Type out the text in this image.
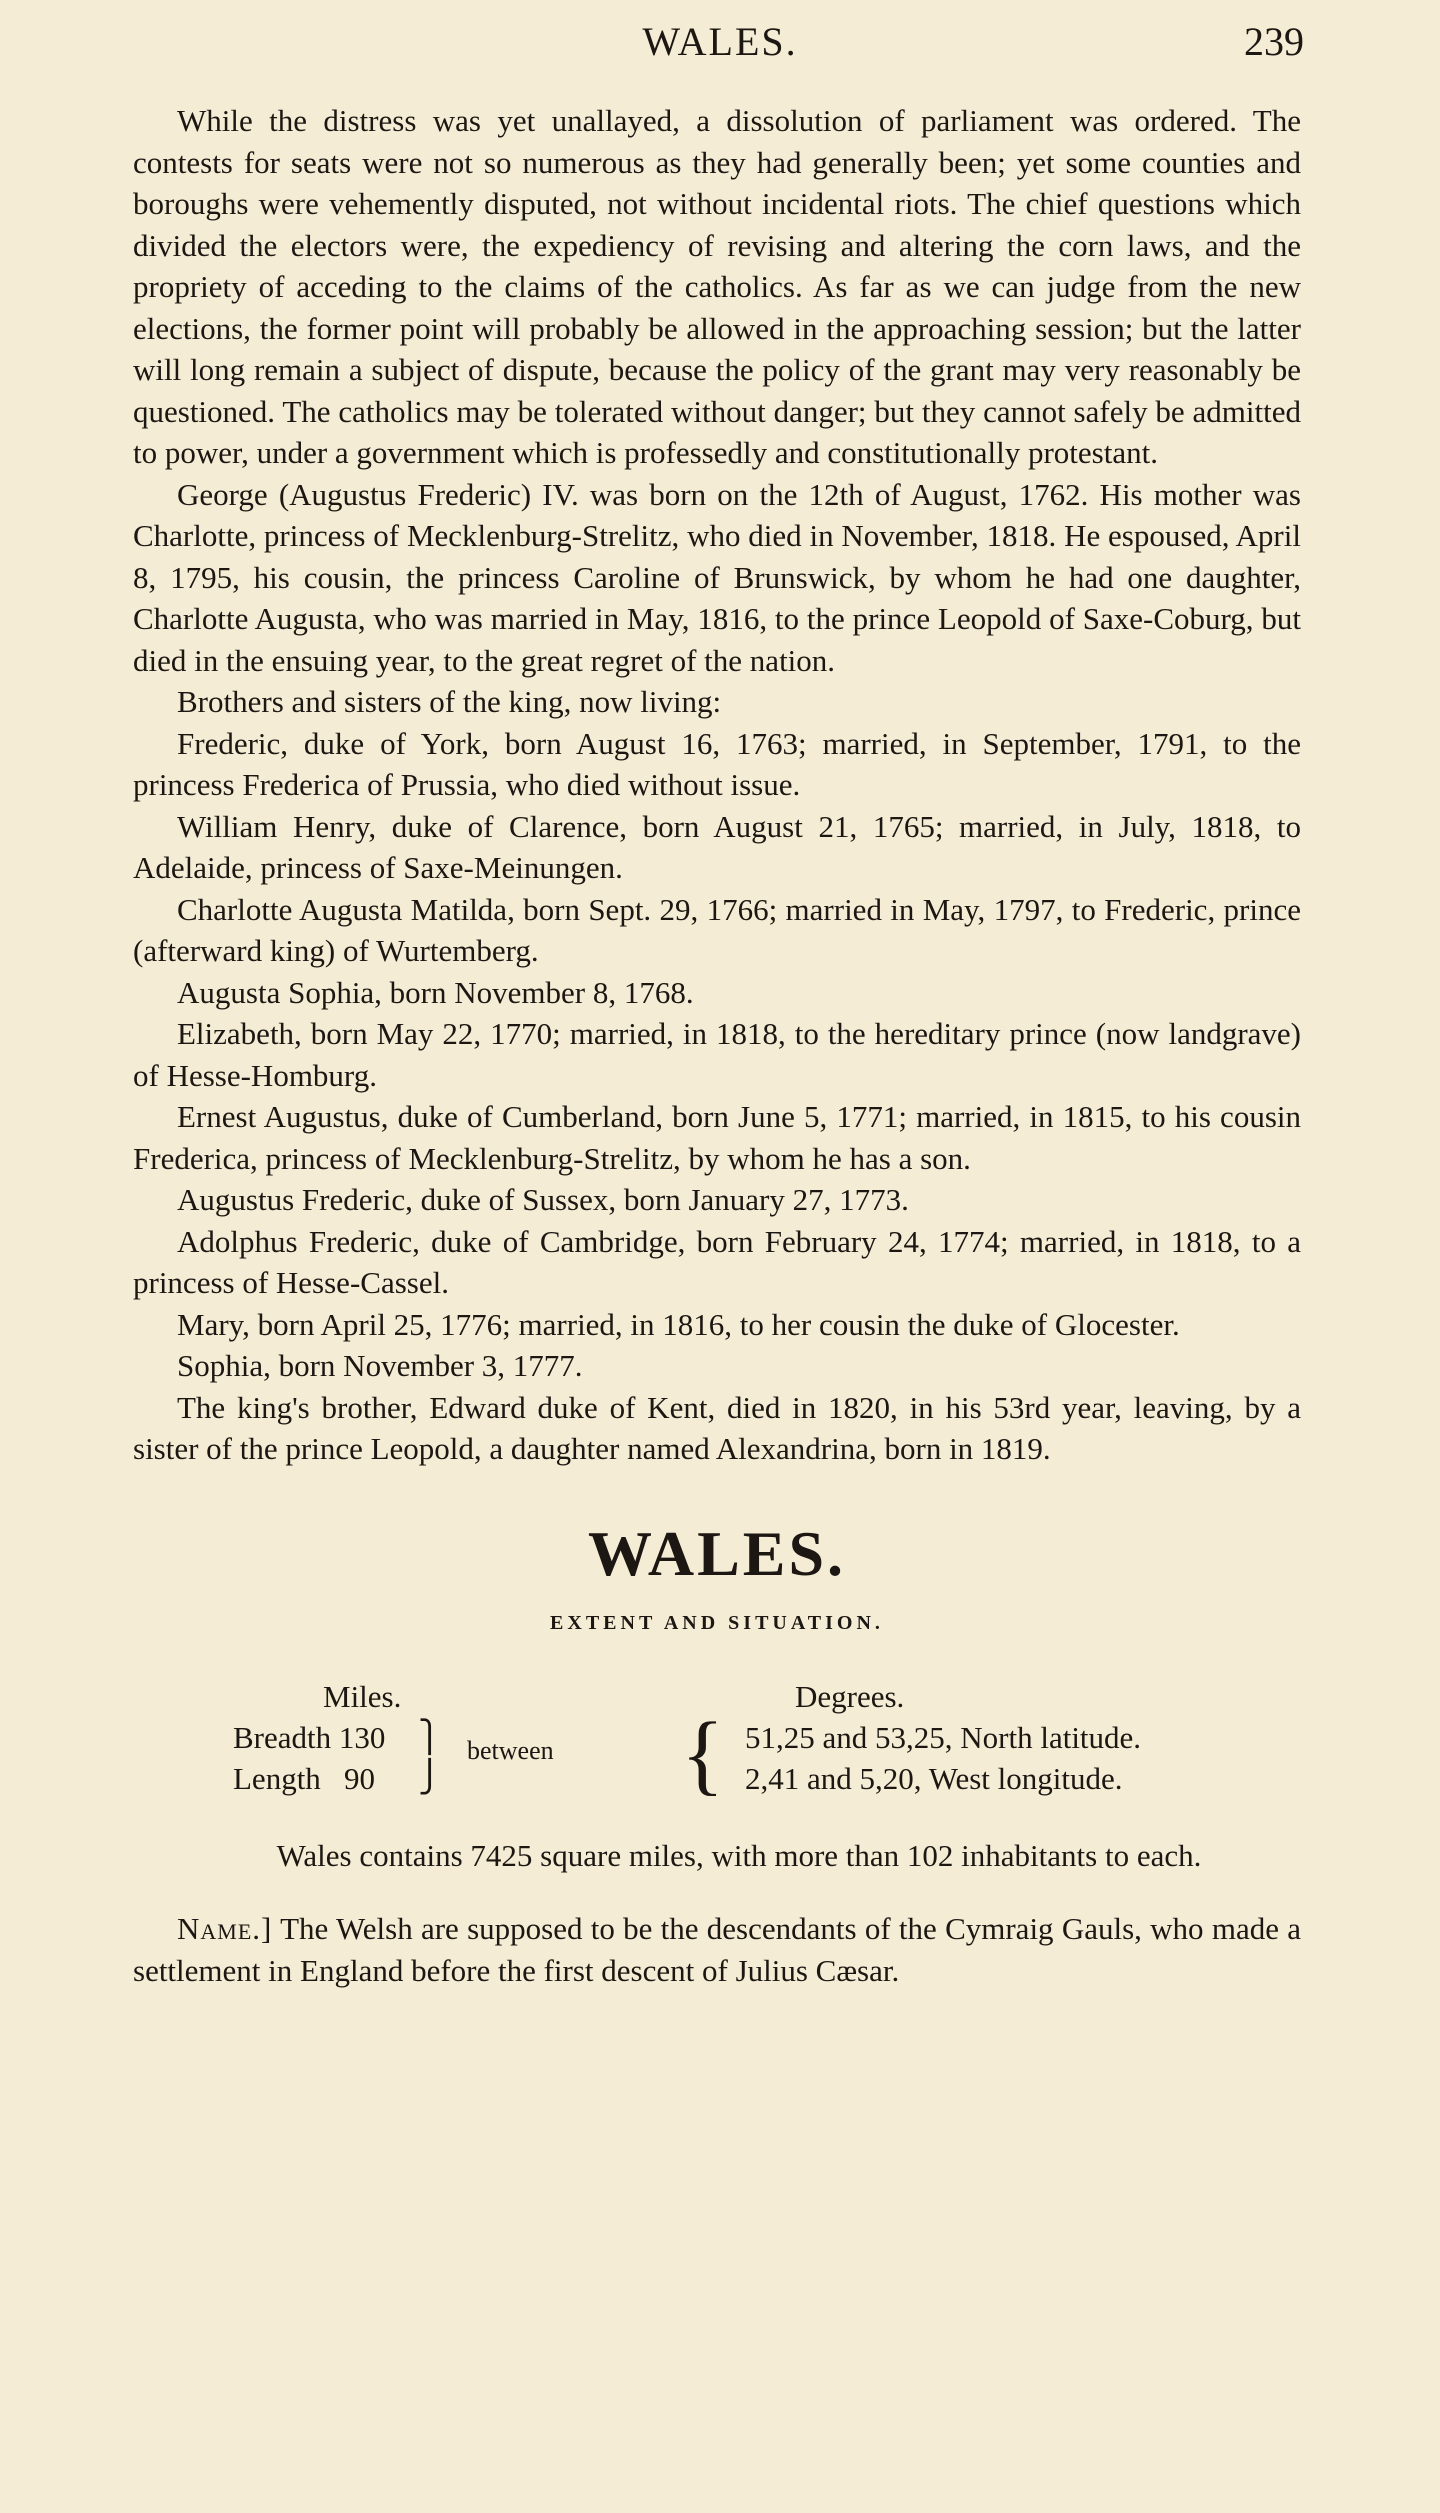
WALES.	239

While the distress was yet unallayed, a dissolution of parliament was ordered. The contests for seats were not so numerous as they had generally been; yet some counties and boroughs were vehemently disputed, not without incidental riots. The chief questions which divided the electors were, the expediency of revising and altering the corn laws, and the propriety of acceding to the claims of the catholics. As far as we can judge from the new elections, the former point will probably be allowed in the approaching session; but the latter will long remain a subject of dispute, because the policy of the grant may very reasonably be questioned. The catholics may be tolerated without danger; but they cannot safely be admitted to power, under a government which is professedly and constitutionally protestant.

George (Augustus Frederic) IV. was born on the 12th of August, 1762. His mother was Charlotte, princess of Mecklenburg-Strelitz, who died in November, 1818. He espoused, April 8, 1795, his cousin, the princess Caroline of Brunswick, by whom he had one daughter, Charlotte Augusta, who was married in May, 1816, to the prince Leopold of Saxe-Coburg, but died in the ensuing year, to the great regret of the nation.

Brothers and sisters of the king, now living:

Frederic, duke of York, born August 16, 1763; married, in September, 1791, to the princess Frederica of Prussia, who died without issue.

William Henry, duke of Clarence, born August 21, 1765; married, in July, 1818, to Adelaide, princess of Saxe-Meinungen.

Charlotte Augusta Matilda, born Sept. 29, 1766; married in May, 1797, to Frederic, prince (afterward king) of Wurtemberg.

Augusta Sophia, born November 8, 1768.

Elizabeth, born May 22, 1770; married, in 1818, to the hereditary prince (now landgrave) of Hesse-Homburg.

Ernest Augustus, duke of Cumberland, born June 5, 1771; married, in 1815, to his cousin Frederica, princess of Mecklenburg-Strelitz, by whom he has a son.

Augustus Frederic, duke of Sussex, born January 27, 1773.

Adolphus Frederic, duke of Cambridge, born February 24, 1774; married, in 1818, to a princess of Hesse-Cassel.

Mary, born April 25, 1776; married, in 1816, to her cousin the duke of Glocester.

Sophia, born November 3, 1777.

The king's brother, Edward duke of Kent, died in 1820, in his 53rd year, leaving, by a sister of the prince Leopold, a daughter named Alexandrina, born in 1819.

WALES.
EXTENT AND SITUATION.
Miles.	Degrees.
Breadth 130
Length   90
⎫
⎭
between { 51,25 and 53,25, North latitude.
2,41 and 5,20, West longitude.

Wales contains 7425 square miles, with more than 102 inhabitants to each.

Name.] The Welsh are supposed to be the descendants of the Cymraig Gauls, who made a settlement in England before the first descent of Julius Cæsar.
